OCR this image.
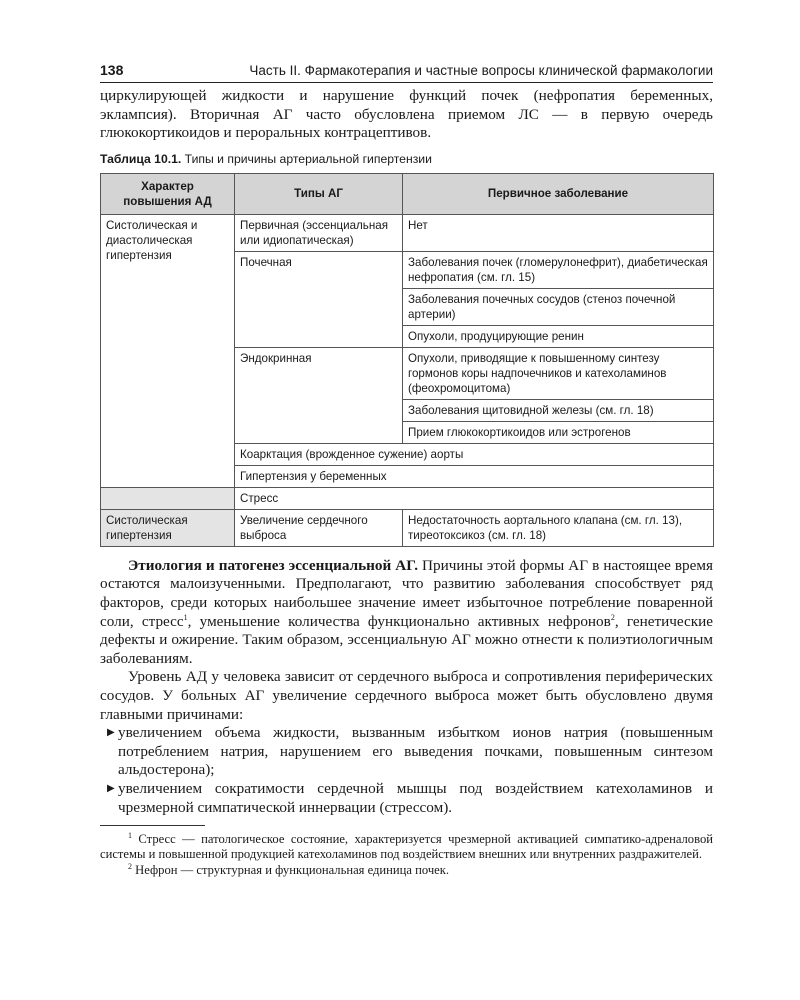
138	Часть II. Фармакотерапия и частные вопросы клинической фармакологии

циркулирующей жидкости и нарушение функций почек (нефропатия беременных, эклампсия). Вторичная АГ часто обусловлена приемом ЛС — в первую очередь глюкокортикоидов и пероральных контрацептивов.

Таблица 10.1. Типы и причины артериальной гипертензии
Характер повышения АД	Типы АГ	Первичное заболевание
Систолическая и диастолическая гипертензия	Первичная (эссенциальная или идиопатическая)	Нет
	Почечная	Заболевания почек (гломерулонефрит), диабетическая нефропатия (см. гл. 15)
		Заболевания почечных сосудов (стеноз почечной артерии)
		Опухоли, продуцирующие ренин
	Эндокринная	Опухоли, приводящие к повышенному синтезу гормонов коры надпочечников и катехоламинов (феохромоцитома)
		Заболевания щитовидной железы (см. гл. 18)
		Прием глюкокортикоидов или эстрогенов
	Коарктация (врожденное сужение) аорты	
	Гипертензия у беременных	
	Стресс	
Систолическая гипертензия	Увеличение сердечного выброса	Недостаточность аортального клапана (см. гл. 13), тиреотоксикоз (см. гл. 18)

Этиология и патогенез эссенциальной АГ. Причины этой формы АГ в настоящее время остаются малоизученными. Предполагают, что развитию заболевания способствует ряд факторов, среди которых наибольшее значение имеет избыточное потребление поваренной соли, стресс$^1$, уменьшение количества функционально активных нефронов$^2$, генетические дефекты и ожирение. Таким образом, эссенциальную АГ можно отнести к полиэтиологичным заболеваниям.

Уровень АД у человека зависит от сердечного выброса и сопротивления периферических сосудов. У больных АГ увеличение сердечного выброса может быть обусловлено двумя главными причинами:

▶ увеличением объема жидкости, вызванным избытком ионов натрия (повышенным потреблением натрия, нарушением его выведения почками, повышенным синтезом альдостерона);
▶ увеличением сократимости сердечной мышцы под воздействием катехоламинов и чрезмерной симпатической иннервации (стрессом).

$^1$ Стресс — патологическое состояние, характеризуется чрезмерной активацией симпатико-адреналовой системы и повышенной продукцией катехоламинов под воздействием внешних или внутренних раздражителей.

$^2$ Нефрон — структурная и функциональная единица почек.
